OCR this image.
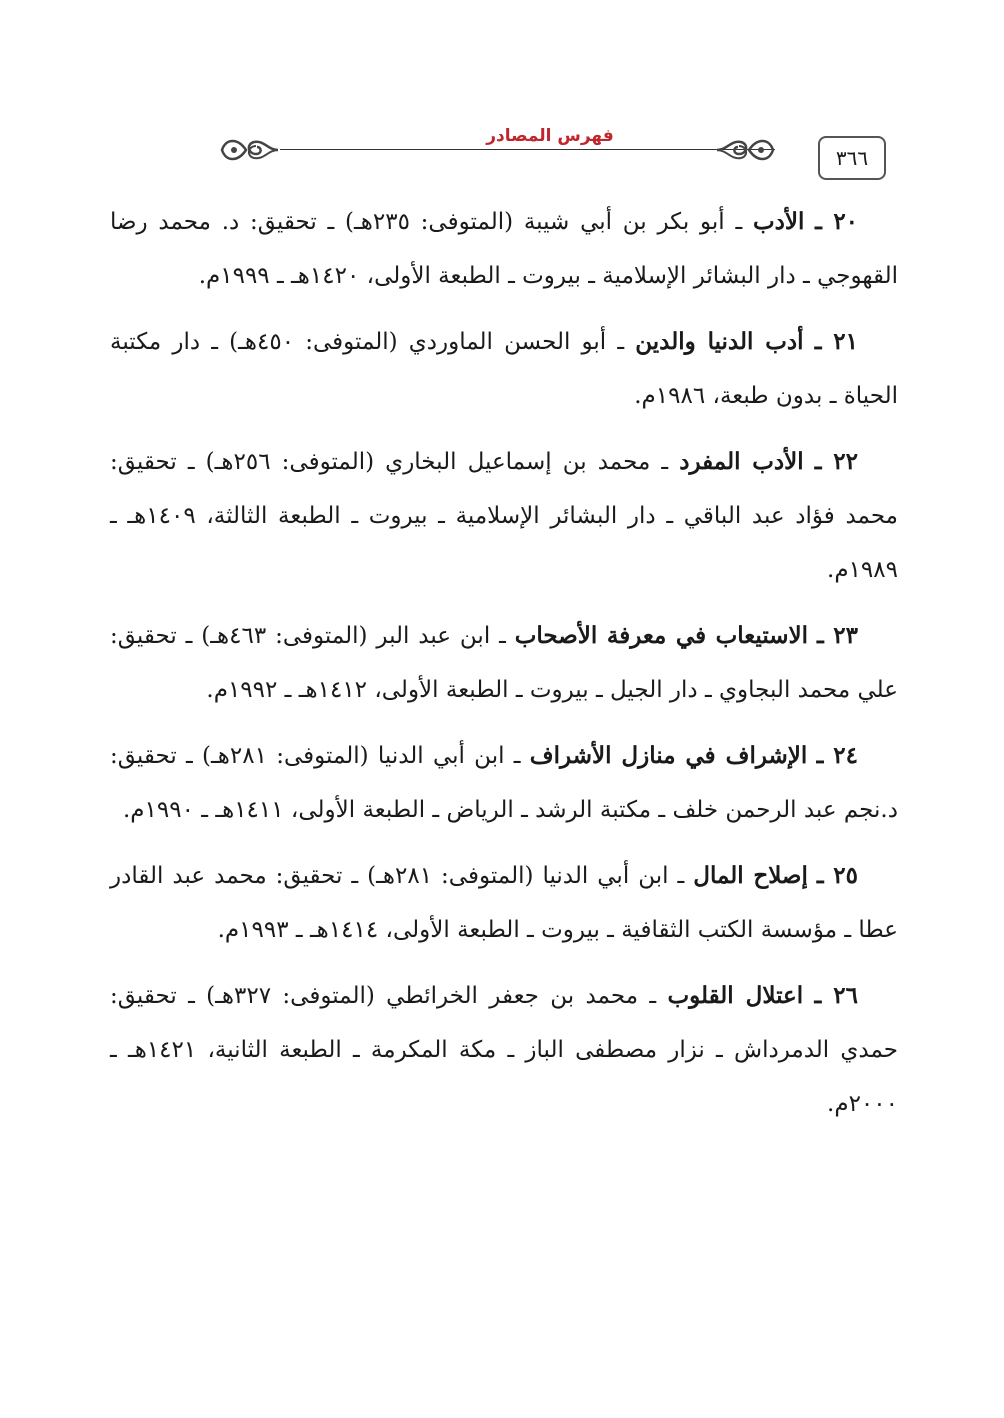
فهرس المصادر
٣٦٦

٢٠ ـ الأدب ـ أبو بكر بن أبي شيبة (المتوفى: ٢٣٥هـ) ـ تحقيق: د. محمد رضا القهوجي ـ دار البشائر الإسلامية ـ بيروت ـ الطبعة الأولى، ١٤٢٠هـ ـ ١٩٩٩م.

٢١ ـ أدب الدنيا والدين ـ أبو الحسن الماوردي (المتوفى: ٤٥٠هـ) ـ دار مكتبة الحياة ـ بدون طبعة، ١٩٨٦م.

٢٢ ـ الأدب المفرد ـ محمد بن إسماعيل البخاري (المتوفى: ٢٥٦هـ) ـ تحقيق: محمد فؤاد عبد الباقي ـ دار البشائر الإسلامية ـ بيروت ـ الطبعة الثالثة، ١٤٠٩هـ ـ ١٩٨٩م.

٢٣ ـ الاستيعاب في معرفة الأصحاب ـ ابن عبد البر (المتوفى: ٤٦٣هـ) ـ تحقيق: علي محمد البجاوي ـ دار الجيل ـ بيروت ـ الطبعة الأولى، ١٤١٢هـ ـ ١٩٩٢م.

٢٤ ـ الإشراف في منازل الأشراف ـ ابن أبي الدنيا (المتوفى: ٢٨١هـ) ـ تحقيق: د.نجم عبد الرحمن خلف ـ مكتبة الرشد ـ الرياض ـ الطبعة الأولى، ١٤١١هـ ـ ١٩٩٠م.

٢٥ ـ إصلاح المال ـ ابن أبي الدنيا (المتوفى: ٢٨١هـ) ـ تحقيق: محمد عبد القادر عطا ـ مؤسسة الكتب الثقافية ـ بيروت ـ الطبعة الأولى، ١٤١٤هـ ـ ١٩٩٣م.

٢٦ ـ اعتلال القلوب ـ محمد بن جعفر الخرائطي (المتوفى: ٣٢٧هـ) ـ تحقيق: حمدي الدمرداش ـ نزار مصطفى الباز ـ مكة المكرمة ـ الطبعة الثانية، ١٤٢١هـ ـ ٢٠٠٠م.
